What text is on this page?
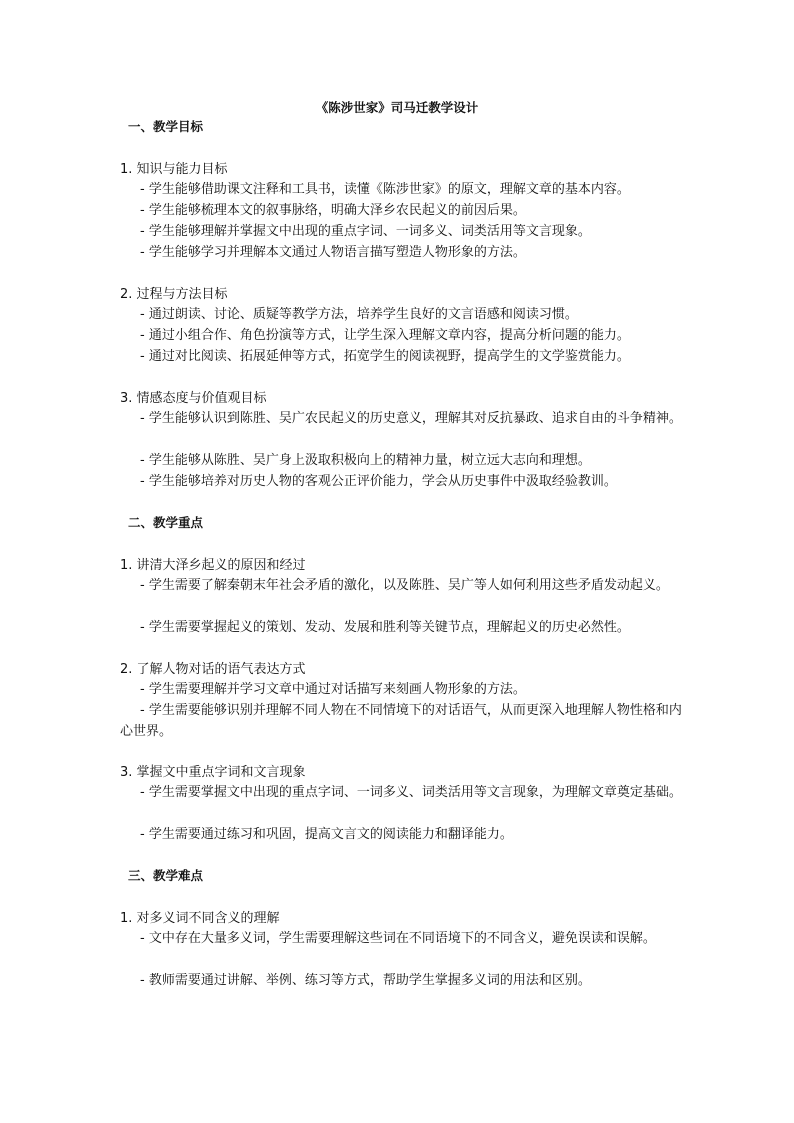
《陈涉世家》司马迁教学设计
一、教学目标
1. 知识与能力目标
- 学生能够借助课文注释和工具书，读懂《陈涉世家》的原文，理解文章的基本内容。
- 学生能够梳理本文的叙事脉络，明确大泽乡农民起义的前因后果。
- 学生能够理解并掌握文中出现的重点字词、一词多义、词类活用等文言现象。
- 学生能够学习并理解本文通过人物语言描写塑造人物形象的方法。
2. 过程与方法目标
- 通过朗读、讨论、质疑等教学方法，培养学生良好的文言语感和阅读习惯。
- 通过小组合作、角色扮演等方式，让学生深入理解文章内容，提高分析问题的能力。
- 通过对比阅读、拓展延伸等方式，拓宽学生的阅读视野，提高学生的文学鉴赏能力。
3. 情感态度与价值观目标
- 学生能够认识到陈胜、吴广农民起义的历史意义，理解其对反抗暴政、追求自由的斗争精神。
- 学生能够从陈胜、吴广身上汲取积极向上的精神力量，树立远大志向和理想。
- 学生能够培养对历史人物的客观公正评价能力，学会从历史事件中汲取经验教训。
二、教学重点
1. 讲清大泽乡起义的原因和经过
- 学生需要了解秦朝末年社会矛盾的激化，以及陈胜、吴广等人如何利用这些矛盾发动起义。
- 学生需要掌握起义的策划、发动、发展和胜利等关键节点，理解起义的历史必然性。
2. 了解人物对话的语气表达方式
- 学生需要理解并学习文章中通过对话描写来刻画人物形象的方法。
- 学生需要能够识别并理解不同人物在不同情境下的对话语气，从而更深入地理解人物性格和内心世界。
3. 掌握文中重点字词和文言现象
- 学生需要掌握文中出现的重点字词、一词多义、词类活用等文言现象，为理解文章奠定基础。
- 学生需要通过练习和巩固，提高文言文的阅读能力和翻译能力。
三、教学难点
1. 对多义词不同含义的理解
- 文中存在大量多义词，学生需要理解这些词在不同语境下的不同含义，避免误读和误解。
- 教师需要通过讲解、举例、练习等方式，帮助学生掌握多义词的用法和区别。
